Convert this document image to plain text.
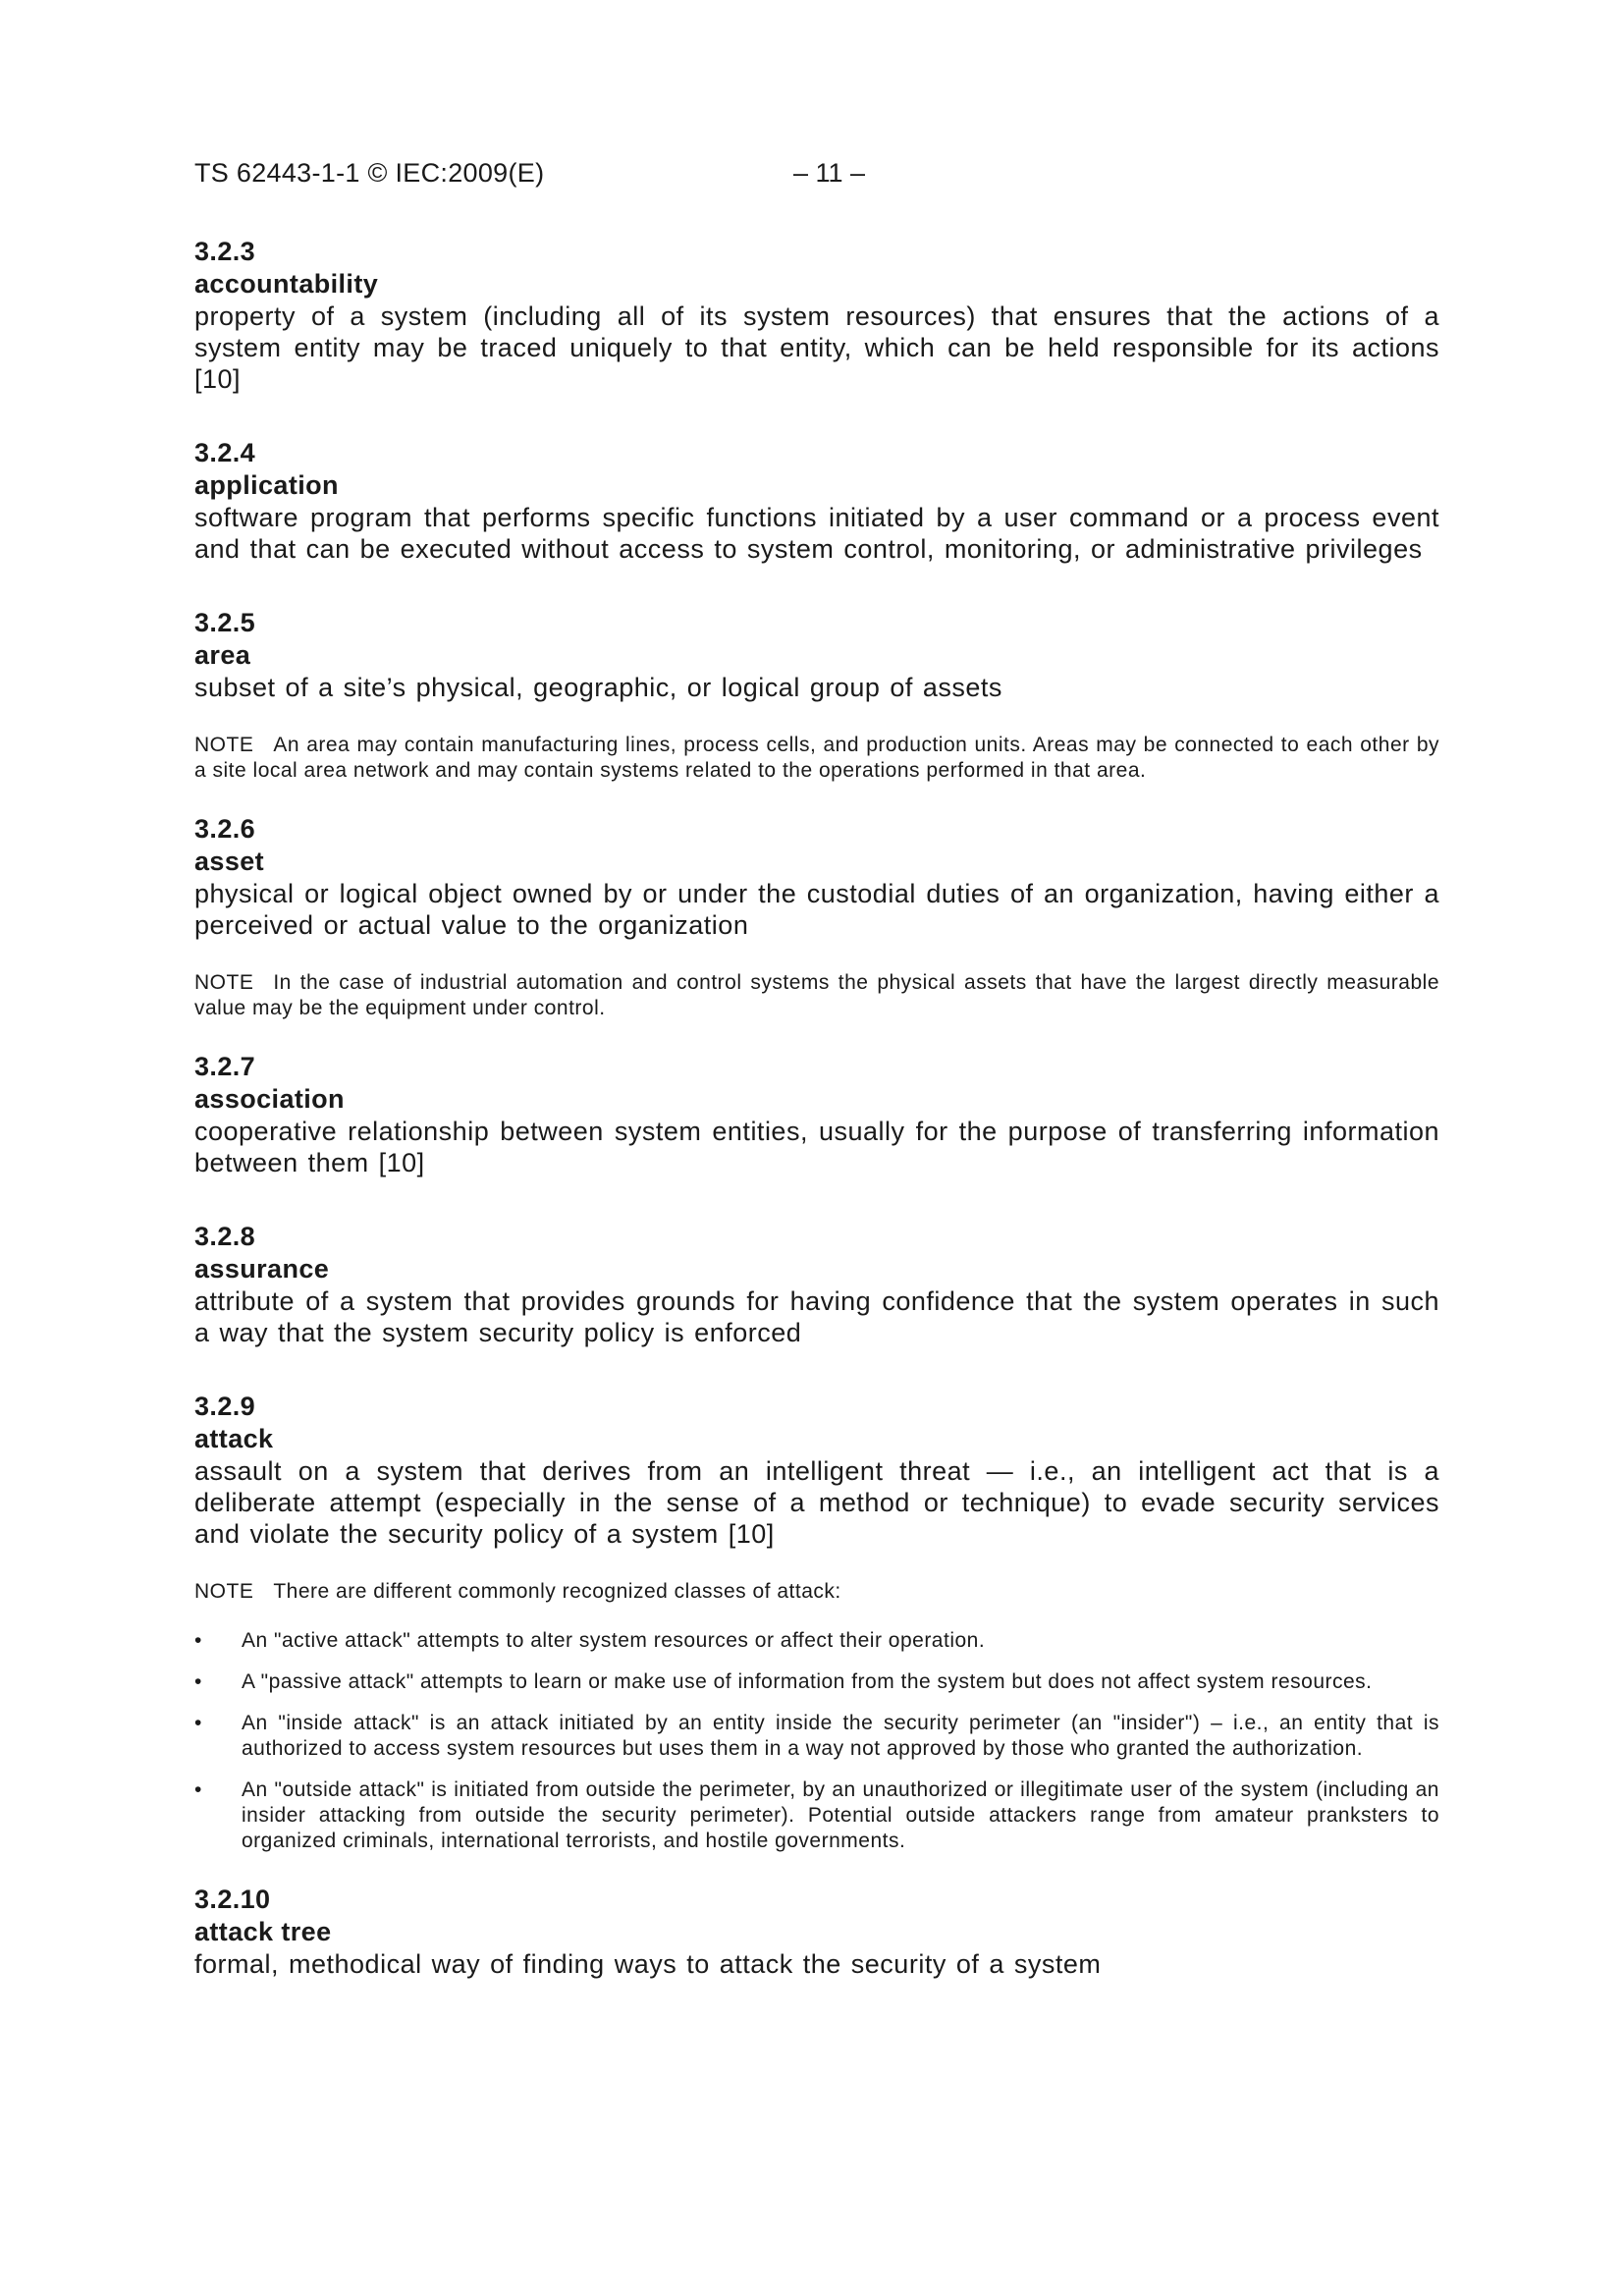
TS 62443-1-1 © IEC:2009(E)	– 11 –
3.2.3
accountability
property of a system (including all of its system resources) that ensures that the actions of a system entity may be traced uniquely to that entity, which can be held responsible for its actions [10]
3.2.4
application
software program that performs specific functions initiated by a user command or a process event and that can be executed without access to system control, monitoring, or administrative privileges
3.2.5
area
subset of a site’s physical, geographic, or logical group of assets
NOTE An area may contain manufacturing lines, process cells, and production units. Areas may be connected to each other by a site local area network and may contain systems related to the operations performed in that area.
3.2.6
asset
physical or logical object owned by or under the custodial duties of an organization, having either a perceived or actual value to the organization
NOTE In the case of industrial automation and control systems the physical assets that have the largest directly measurable value may be the equipment under control.
3.2.7
association
cooperative relationship between system entities, usually for the purpose of transferring information between them [10]
3.2.8
assurance
attribute of a system that provides grounds for having confidence that the system operates in such a way that the system security policy is enforced
3.2.9
attack
assault on a system that derives from an intelligent threat — i.e., an intelligent act that is a deliberate attempt (especially in the sense of a method or technique) to evade security services and violate the security policy of a system [10]
NOTE There are different commonly recognized classes of attack:
• An "active attack" attempts to alter system resources or affect their operation.
• A "passive attack" attempts to learn or make use of information from the system but does not affect system resources.
• An "inside attack" is an attack initiated by an entity inside the security perimeter (an "insider") – i.e., an entity that is authorized to access system resources but uses them in a way not approved by those who granted the authorization.
• An "outside attack" is initiated from outside the perimeter, by an unauthorized or illegitimate user of the system (including an insider attacking from outside the security perimeter). Potential outside attackers range from amateur pranksters to organized criminals, international terrorists, and hostile governments.
3.2.10
attack tree
formal, methodical way of finding ways to attack the security of a system
